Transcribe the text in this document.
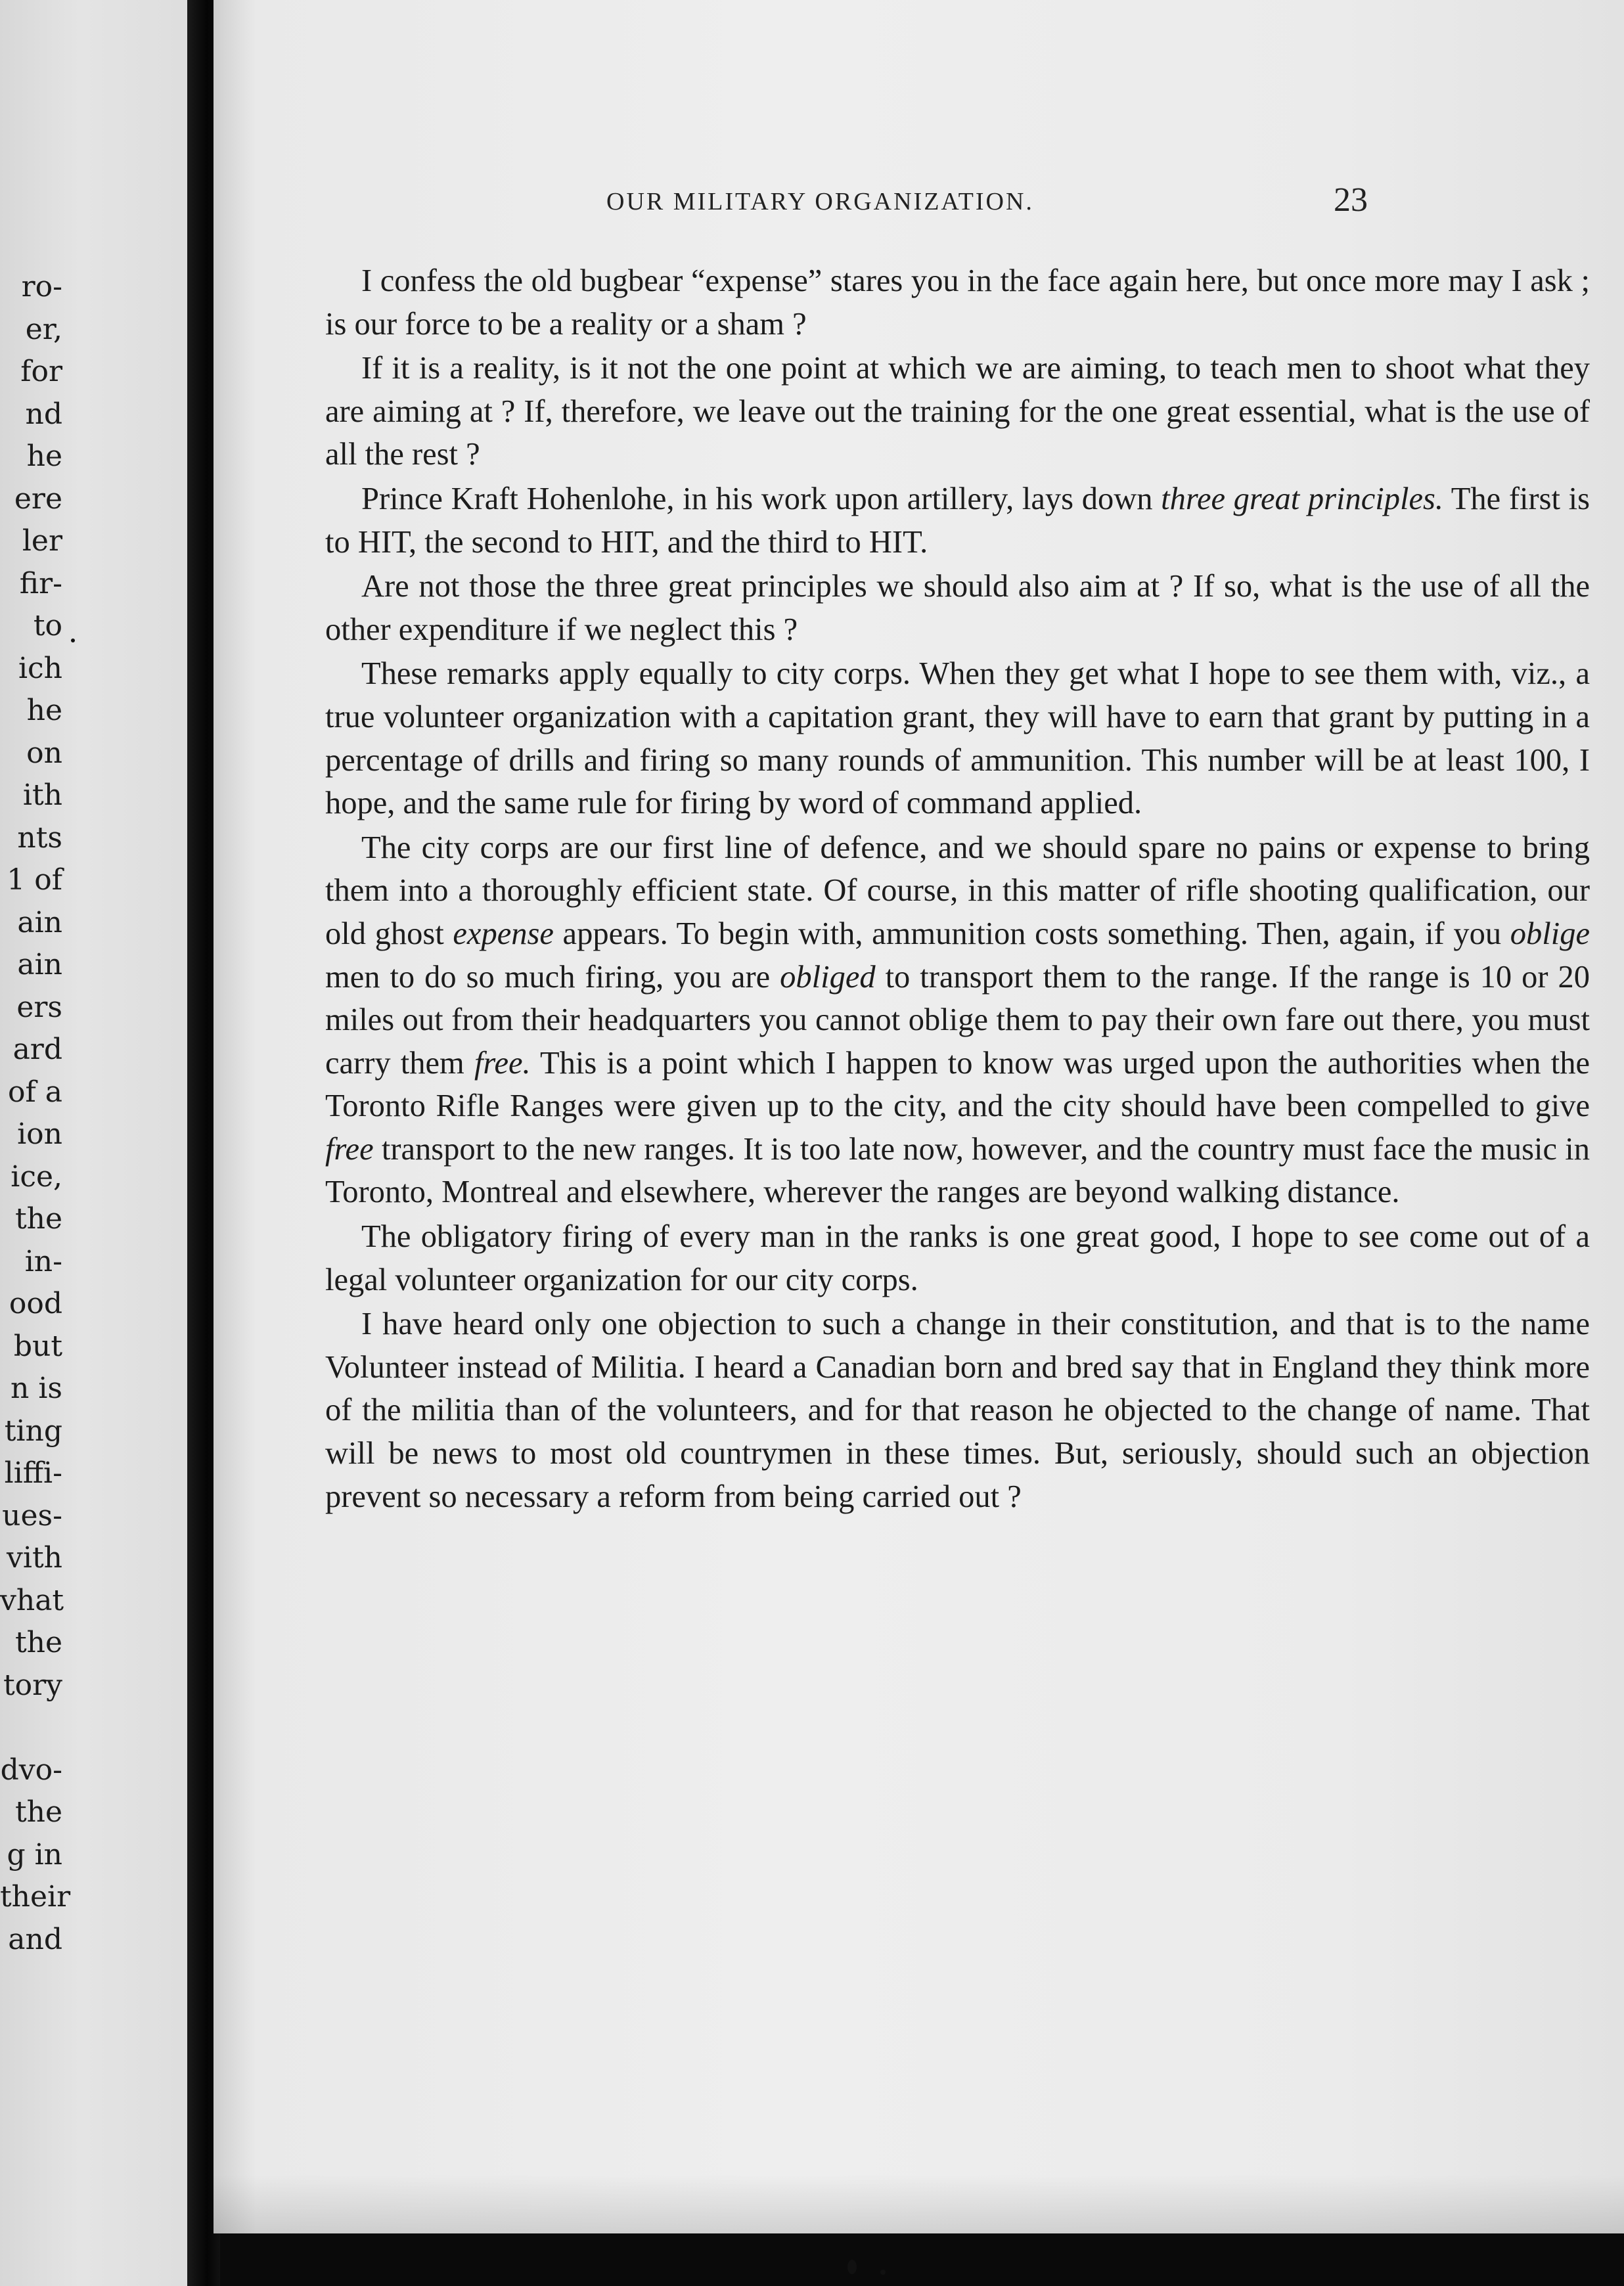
ro-
er,
for
nd
he
ere
ler
fir-
to
ich
he
on
ith
nts
1 of
ain
ain
ers
ard
of a
ion
ice,
the
in-
ood
but
n is
ting
liffi-
ues-
vith
vhat
the
tory
dvo-
the
g in
their
and
OUR MILITARY ORGANIZATION.	23

I confess the old bugbear “expense” stares you in the face again here, but once more may I ask ; is our force to be a reality or a sham ?

If it is a reality, is it not the one point at which we are aiming, to teach men to shoot what they are aiming at ? If, therefore, we leave out the training for the one great essential, what is the use of all the rest ?

Prince Kraft Hohenlohe, in his work upon artillery, lays down three great principles. The first is to HIT, the second to HIT, and the third to HIT.

Are not those the three great principles we should also aim at ? If so, what is the use of all the other expenditure if we neglect this ?

These remarks apply equally to city corps. When they get what I hope to see them with, viz., a true volunteer organization with a capitation grant, they will have to earn that grant by putting in a percentage of drills and firing so many rounds of ammunition. This number will be at least 100, I hope, and the same rule for firing by word of command applied.

The city corps are our first line of defence, and we should spare no pains or expense to bring them into a thoroughly efficient state. Of course, in this matter of rifle shooting qualification, our old ghost expense appears. To begin with, ammunition costs something. Then, again, if you oblige men to do so much firing, you are obliged to transport them to the range. If the range is 10 or 20 miles out from their headquarters you cannot oblige them to pay their own fare out there, you must carry them free. This is a point which I happen to know was urged upon the authorities when the Toronto Rifle Ranges were given up to the city, and the city should have been compelled to give free transport to the new ranges. It is too late now, however, and the country must face the music in Toronto, Montreal and elsewhere, wherever the ranges are beyond walking distance.

The obligatory firing of every man in the ranks is one great good, I hope to see come out of a legal volunteer organization for our city corps.

I have heard only one objection to such a change in their constitution, and that is to the name Volunteer instead of Militia. I heard a Canadian born and bred say that in England they think more of the militia than of the volunteers, and for that reason he objected to the change of name. That will be news to most old countrymen in these times. But, seriously, should such an objection prevent so necessary a reform from being carried out ?
